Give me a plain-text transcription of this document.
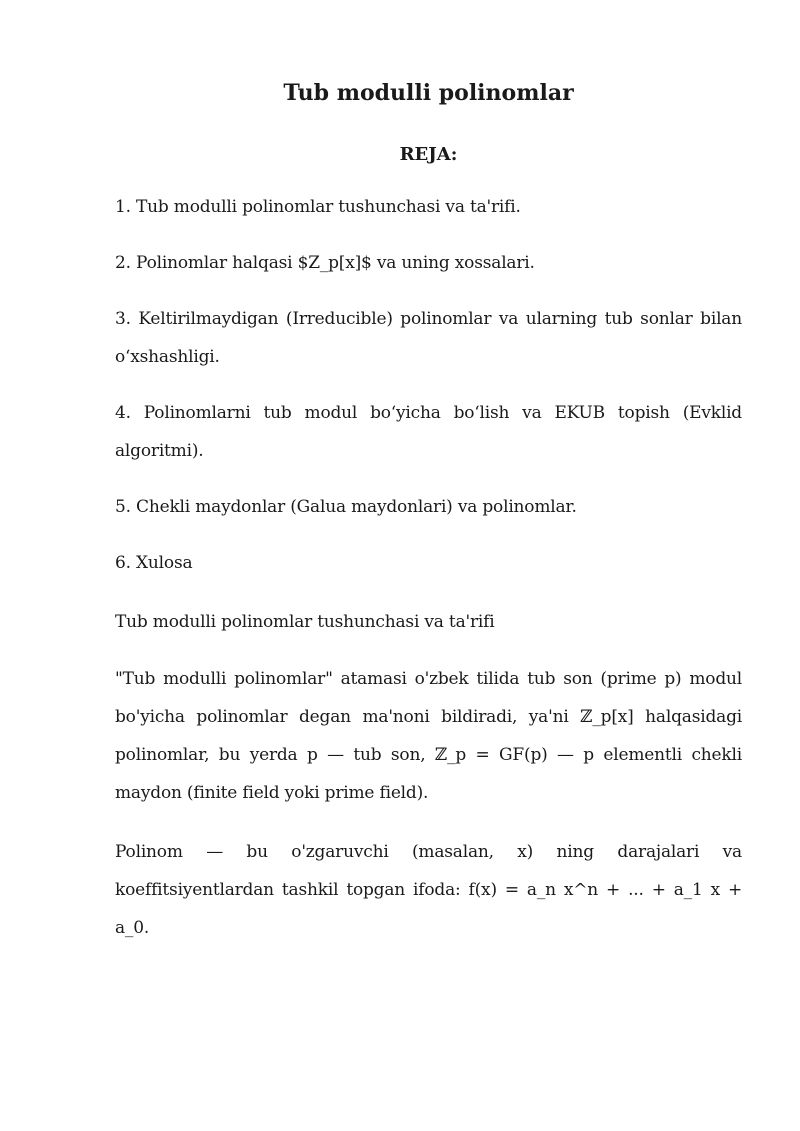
Tub modulli polinomlar
REJA:
1. Tub modulli polinomlar tushunchasi va ta'rifi.
2. Polinomlar halqasi $Z_p[x]$ va uning xossalari.
3. Keltirilmaydigan (Irreducible) polinomlar va ularning tub sonlar bilan o‘xshashligi.
4. Polinomlarni tub modul bo‘yicha bo‘lish va EKUB topish (Evklid algoritmi).
5. Chekli maydonlar (Galua maydonlari) va polinomlar.
6. Xulosa

Tub modulli polinomlar tushunchasi va ta'rifi

"Tub modulli polinomlar" atamasi o'zbek tilida tub son (prime p) modul bo'yicha polinomlar degan ma'noni bildiradi, ya'ni ℤ_p[x] halqasidagi polinomlar, bu yerda p — tub son, ℤ_p = GF(p) — p elementli chekli maydon (finite field yoki prime field).

Polinom — bu o'zgaruvchi (masalan, x) ning darajalari va koeffitsiyentlardan tashkil topgan ifoda: f(x) = a_n x^n + ... + a_1 x + a_0.
